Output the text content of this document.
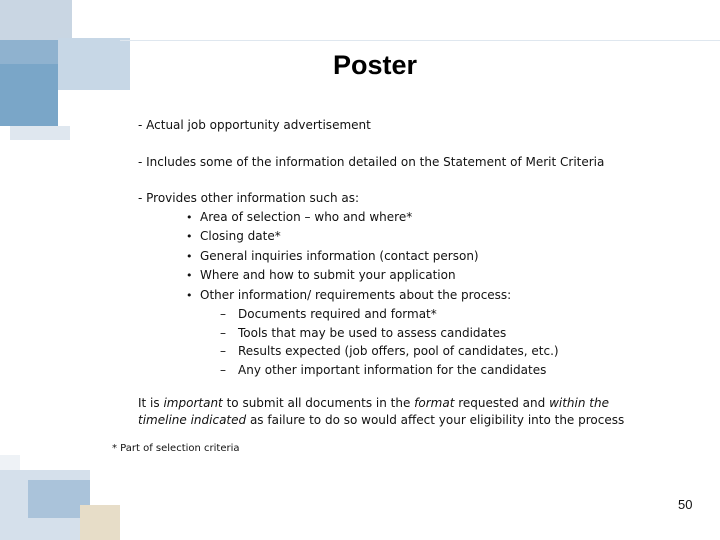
Poster

- Actual job opportunity advertisement

- Includes some of the information detailed on the Statement of Merit Criteria

- Provides other information such as:

• Area of selection – who and where*
• Closing date*
• General inquiries information (contact person)
• Where and how to submit your application
• Other information/ requirements about the process:
– Documents required and format*
– Tools that may be used to assess candidates
– Results expected (job offers, pool of candidates, etc.)
– Any other important information for the candidates
It is important to submit all documents in the format requested and within the
timeline indicated as failure to do so would affect your eligibility into the process
* Part of selection criteria
50
